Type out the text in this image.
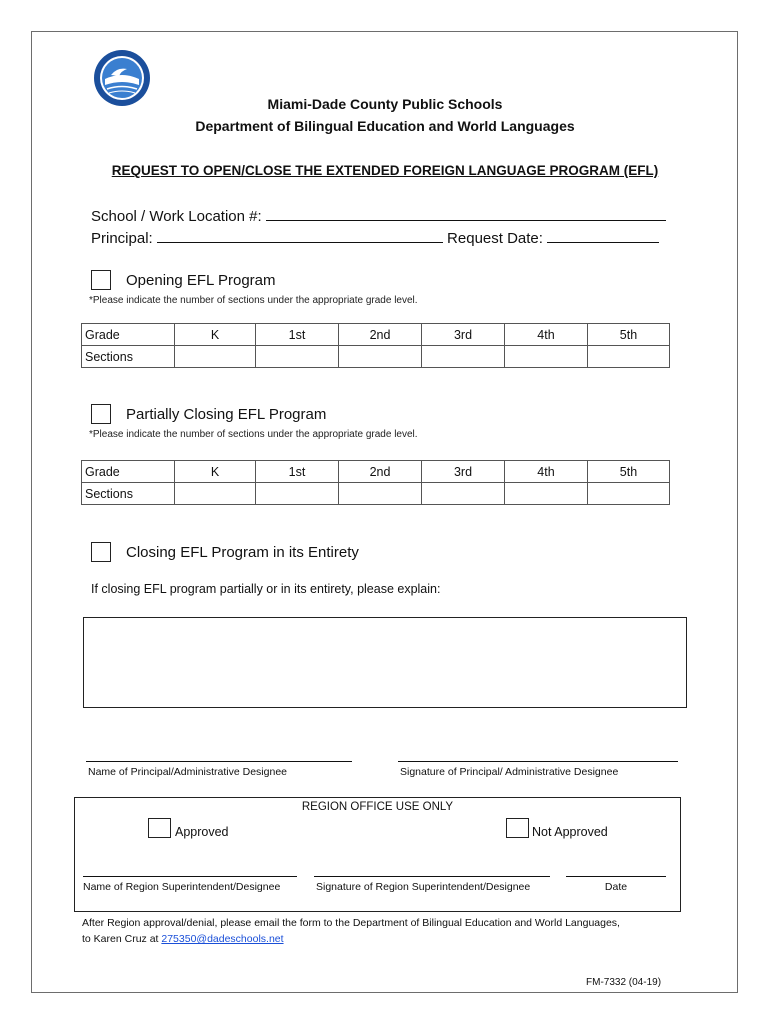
Miami-Dade County Public Schools
Department of Bilingual Education and World Languages
REQUEST TO OPEN/CLOSE THE EXTENDED FOREIGN LANGUAGE PROGRAM (EFL)
School / Work Location #:
Principal:	Request Date:
Opening EFL Program
*Please indicate the number of sections under the appropriate grade level.
Grade	K	1st	2nd	3rd	4th	5th
Sections						
Partially Closing EFL Program
*Please indicate the number of sections under the appropriate grade level.
Grade	K	1st	2nd	3rd	4th	5th
Sections						
Closing EFL Program in its Entirety
If closing EFL program partially or in its entirety, please explain:
Name of Principal/Administrative Designee	Signature of Principal/ Administrative Designee
REGION OFFICE USE ONLY
Approved	Not Approved
Name of Region Superintendent/Designee	Signature of Region Superintendent/Designee	Date
After Region approval/denial, please email the form to the Department of Bilingual Education and World Languages,
to Karen Cruz at 275350@dadeschools.net
FM-7332 (04-19)
